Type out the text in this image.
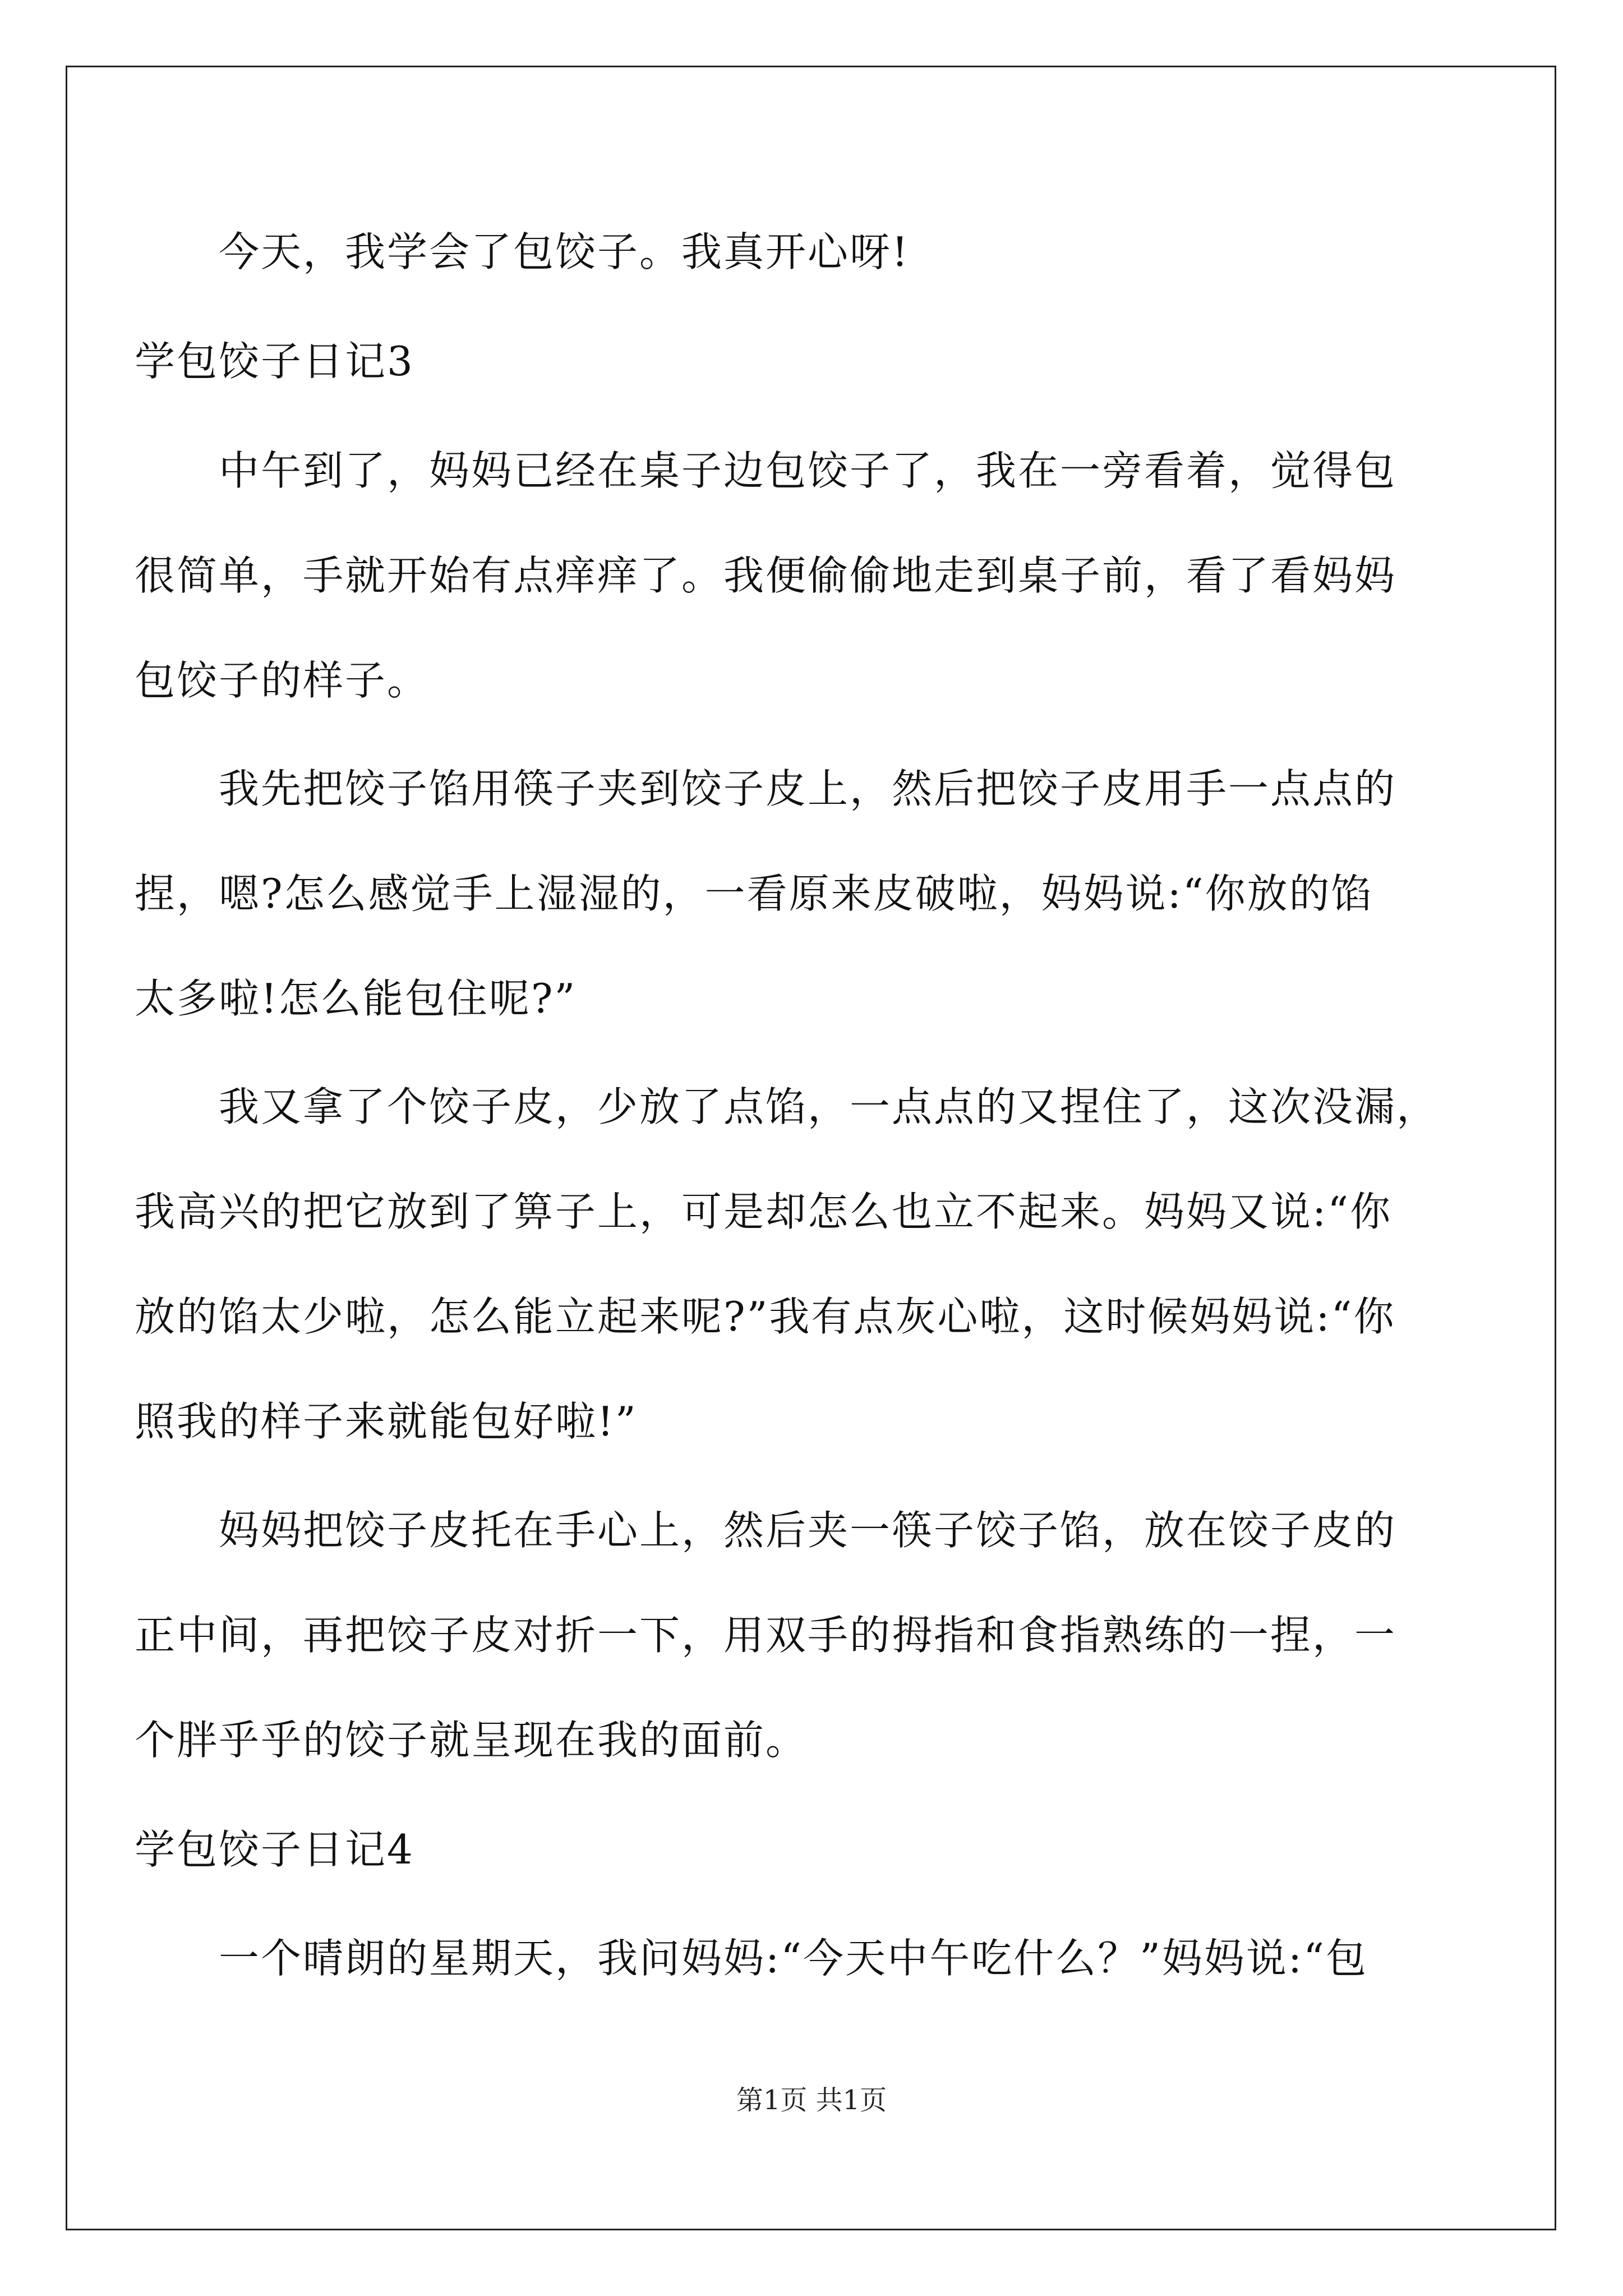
今天，我学会了包饺子。我真开心呀!
学包饺子日记3
中午到了，妈妈已经在桌子边包饺子了，我在一旁看着，觉得包
很简单，手就开始有点痒痒了。我便偷偷地走到桌子前，看了看妈妈
包饺子的样子。
我先把饺子馅用筷子夹到饺子皮上，然后把饺子皮用手一点点的
捏，嗯?怎么感觉手上湿湿的，一看原来皮破啦，妈妈说:“你放的馅
太多啦!怎么能包住呢?”
我又拿了个饺子皮，少放了点馅，一点点的又捏住了，这次没漏，
我高兴的把它放到了箅子上，可是却怎么也立不起来。妈妈又说:“你
放的馅太少啦，怎么能立起来呢?”我有点灰心啦，这时候妈妈说:“你
照我的样子来就能包好啦!”
妈妈把饺子皮托在手心上，然后夹一筷子饺子馅，放在饺子皮的
正中间，再把饺子皮对折一下，用双手的拇指和食指熟练的一捏，一
个胖乎乎的饺子就呈现在我的面前。
学包饺子日记4
一个晴朗的星期天，我问妈妈:“今天中午吃什么？”妈妈说:“包
第1页 共1页
